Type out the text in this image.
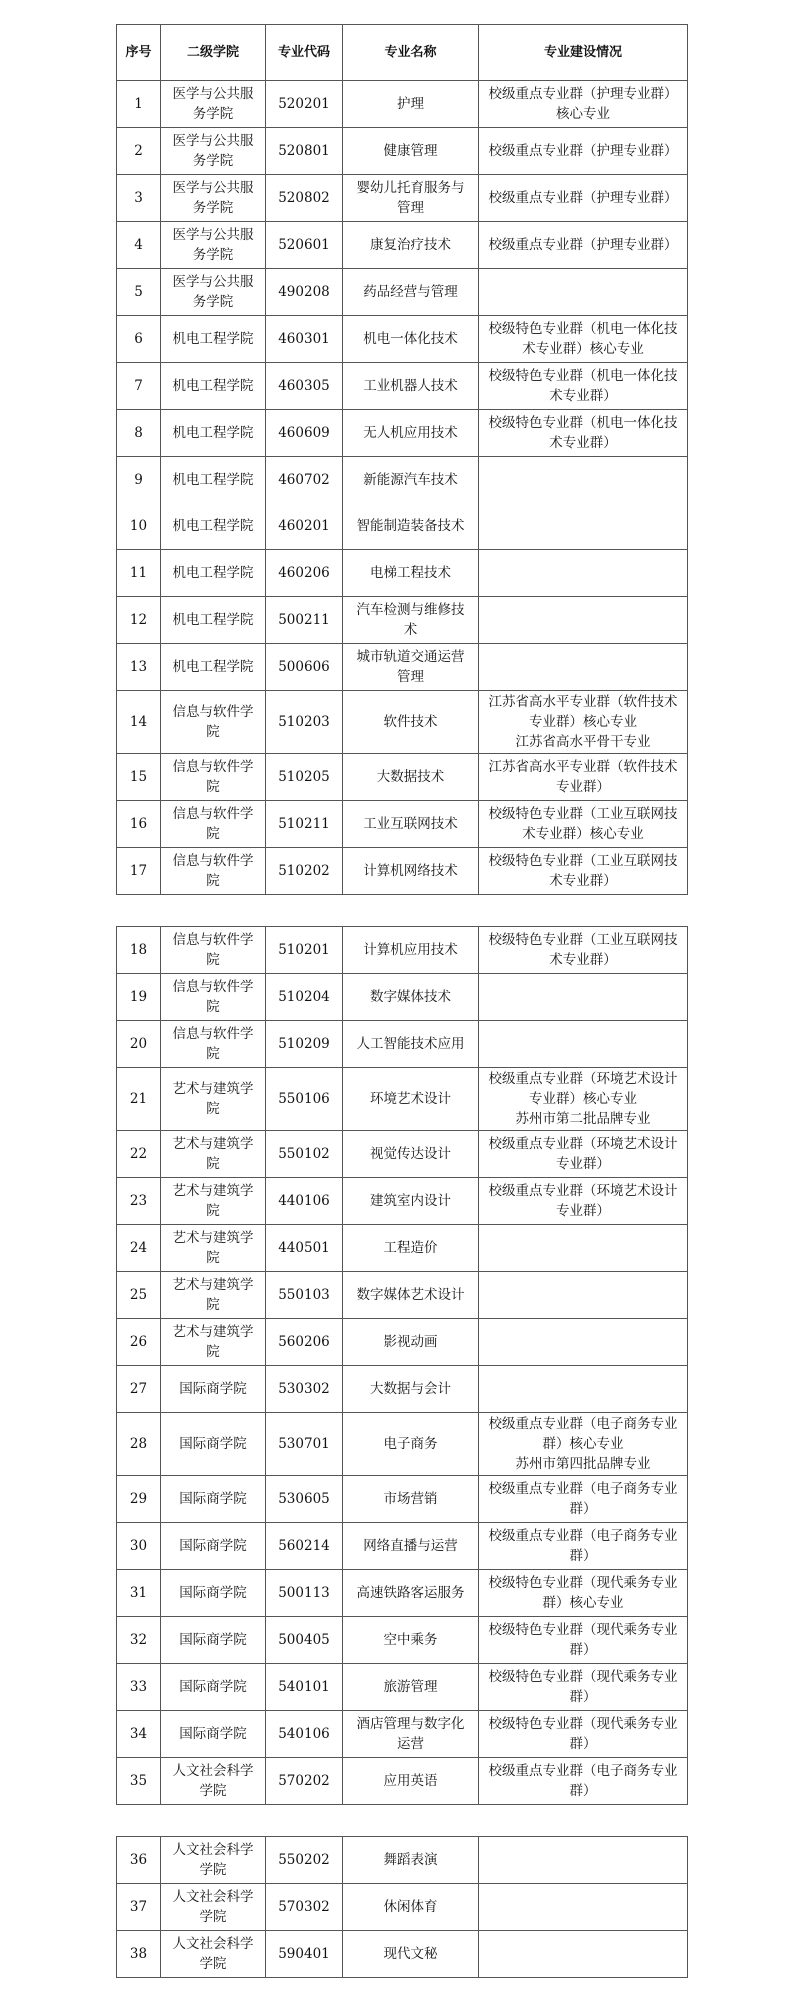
序号	二级学院	专业代码	专业名称	专业建设情况
1	医学与公共服
务学院	520201	护理	校级重点专业群（护理专业群）
核心专业
2	医学与公共服
务学院	520801	健康管理	校级重点专业群（护理专业群）
3	医学与公共服
务学院	520802	婴幼儿托育服务与
管理	校级重点专业群（护理专业群）
4	医学与公共服
务学院	520601	康复治疗技术	校级重点专业群（护理专业群）
5	医学与公共服
务学院	490208	药品经营与管理	
6	机电工程学院	460301	机电一体化技术	校级特色专业群（机电一体化技
术专业群）核心专业
7	机电工程学院	460305	工业机器人技术	校级特色专业群（机电一体化技
术专业群）
8	机电工程学院	460609	无人机应用技术	校级特色专业群（机电一体化技
术专业群）
9	机电工程学院	460702	新能源汽车技术	
10	机电工程学院	460201	智能制造装备技术	
11	机电工程学院	460206	电梯工程技术	
12	机电工程学院	500211	汽车检测与维修技
术	
13	机电工程学院	500606	城市轨道交通运营
管理	
14	信息与软件学
院	510203	软件技术	江苏省高水平专业群（软件技术
专业群）核心专业
江苏省高水平骨干专业
15	信息与软件学
院	510205	大数据技术	江苏省高水平专业群（软件技术
专业群）
16	信息与软件学
院	510211	工业互联网技术	校级特色专业群（工业互联网技
术专业群）核心专业
17	信息与软件学
院	510202	计算机网络技术	校级特色专业群（工业互联网技
术专业群）
18	信息与软件学
院	510201	计算机应用技术	校级特色专业群（工业互联网技
术专业群）
19	信息与软件学
院	510204	数字媒体技术	
20	信息与软件学
院	510209	人工智能技术应用	
21	艺术与建筑学
院	550106	环境艺术设计	校级重点专业群（环境艺术设计
专业群）核心专业
苏州市第二批品牌专业
22	艺术与建筑学
院	550102	视觉传达设计	校级重点专业群（环境艺术设计
专业群）
23	艺术与建筑学
院	440106	建筑室内设计	校级重点专业群（环境艺术设计
专业群）
24	艺术与建筑学
院	440501	工程造价	
25	艺术与建筑学
院	550103	数字媒体艺术设计	
26	艺术与建筑学
院	560206	影视动画	
27	国际商学院	530302	大数据与会计	
28	国际商学院	530701	电子商务	校级重点专业群（电子商务专业
群）核心专业
苏州市第四批品牌专业
29	国际商学院	530605	市场营销	校级重点专业群（电子商务专业
群）
30	国际商学院	560214	网络直播与运营	校级重点专业群（电子商务专业
群）
31	国际商学院	500113	高速铁路客运服务	校级特色专业群（现代乘务专业
群）核心专业
32	国际商学院	500405	空中乘务	校级特色专业群（现代乘务专业
群）
33	国际商学院	540101	旅游管理	校级特色专业群（现代乘务专业
群）
34	国际商学院	540106	酒店管理与数字化
运营	校级特色专业群（现代乘务专业
群）
35	人文社会科学
学院	570202	应用英语	校级重点专业群（电子商务专业
群）
36	人文社会科学
学院	550202	舞蹈表演	
37	人文社会科学
学院	570302	休闲体育	
38	人文社会科学
学院	590401	现代文秘	
